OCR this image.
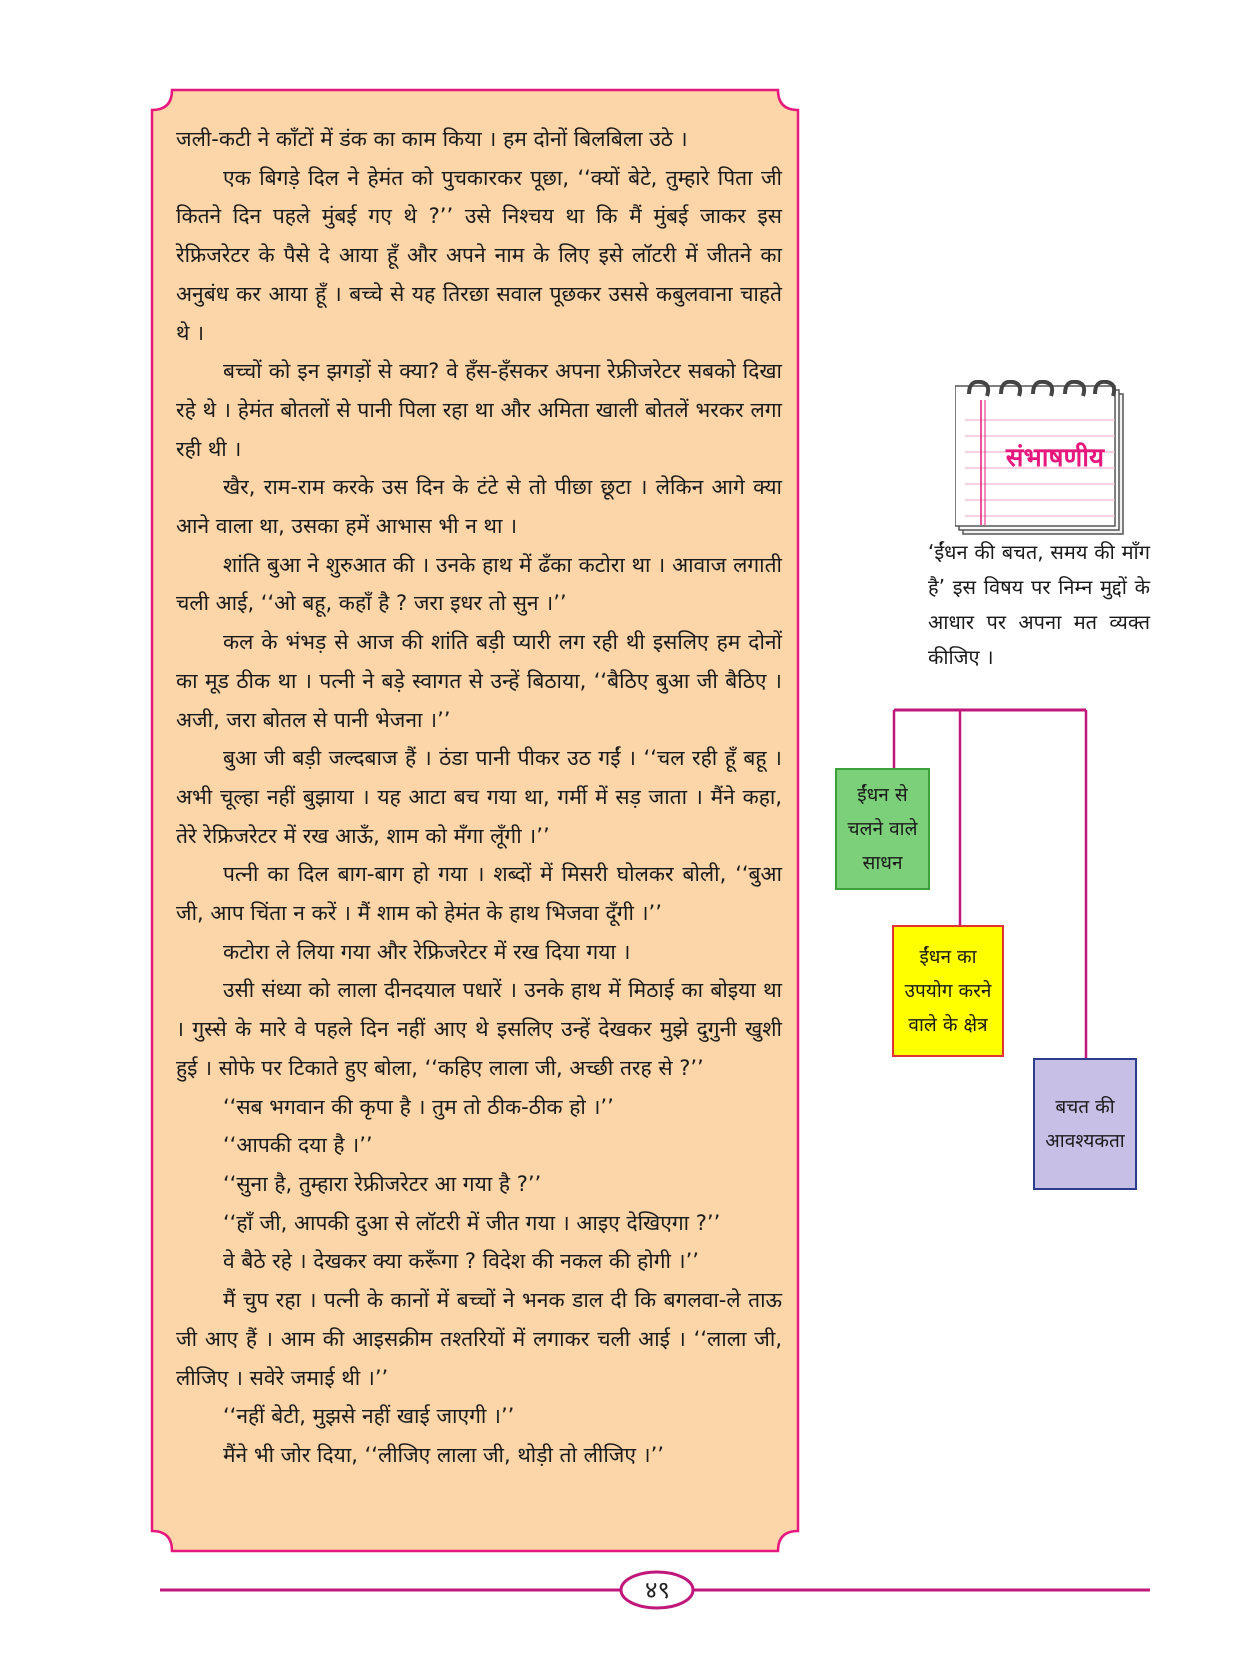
जली-कटी ने काँटों में डंक का काम किया । हम दोनों बिलबिला उठे ।

एक बिगड़े दिल ने हेमंत को पुचकारकर पूछा, ‘‘क्यों बेटे, तुम्हारे पिता जी कितने दिन पहले मुंबई गए थे ?’’ उसे निश्चय था कि मैं मुंबई जाकर इस रेफ्रिजरेटर के पैसे दे आया हूँ और अपने नाम के लिए इसे लॉटरी में जीतने का अनुबंध कर आया हूँ । बच्चे से यह तिरछा सवाल पूछकर उससे कबुलवाना चाहते थे ।

बच्चों को इन झगड़ों से क्या? वे हँस-हँसकर अपना रेफ्रीजरेटर सबको दिखा रहे थे । हेमंत बोतलों से पानी पिला रहा था और अमिता खाली बोतलें भरकर लगा रही थी ।

खैर, राम-राम करके उस दिन के टंटे से तो पीछा छूटा । लेकिन आगे क्या आने वाला था, उसका हमें आभास भी न था ।

शांति बुआ ने शुरुआत की । उनके हाथ में ढँका कटोरा था । आवाज लगाती चली आई, ‘‘ओ बहू, कहाँ है ? जरा इधर तो सुन ।’’

कल के भंभड़ से आज की शांति बड़ी प्यारी लग रही थी इसलिए हम दोनों का मूड ठीक था । पत्नी ने बड़े स्वागत से उन्हें बिठाया, ‘‘बैठिए बुआ जी बैठिए । अजी, जरा बोतल से पानी भेजना ।’’

बुआ जी बड़ी जल्दबाज हैं । ठंडा पानी पीकर उठ गईं । ‘‘चल रही हूँ बहू । अभी चूल्हा नहीं बुझाया । यह आटा बच गया था, गर्मी में सड़ जाता । मैंने कहा, तेरे रेफ्रिजरेटर में रख आऊँ, शाम को मँगा लूँगी ।’’

पत्नी का दिल बाग-बाग हो गया । शब्दों में मिसरी घोलकर बोली, ‘‘बुआ जी, आप चिंता न करें । मैं शाम को हेमंत के हाथ भिजवा दूँगी ।’’

कटोरा ले लिया गया और रेफ्रिजरेटर में रख दिया गया ।

उसी संध्या को लाला दीनदयाल पधारें । उनके हाथ में मिठाई का बोइया था । गुस्से के मारे वे पहले दिन नहीं आए थे इसलिए उन्हें देखकर मुझे दुगुनी खुशी हुई । सोफे पर टिकाते हुए बोला, ‘‘कहिए लाला जी, अच्छी तरह से ?’’

‘‘सब भगवान की कृपा है । तुम तो ठीक-ठीक हो ।’’

‘‘आपकी दया है ।’’

‘‘सुना है, तुम्हारा रेफ्रीजरेटर आ गया है ?’’

‘‘हाँ जी, आपकी दुआ से लॉटरी में जीत गया । आइए देखिएगा ?’’

वे बैठे रहे । देखकर क्या करूँगा ? विदेश की नकल की होगी ।’’

मैं चुप रहा । पत्नी के कानों में बच्चों ने भनक डाल दी कि बगलवा-ले ताऊ जी आए हैं । आम की आइसक्रीम तश्तरियों में लगाकर चली आई । ‘‘लाला जी, लीजिए । सवेरे जमाई थी ।’’

‘‘नहीं बेटी, मुझसे नहीं खाई जाएगी ।’’

मैंने भी जोर दिया, ‘‘लीजिए लाला जी, थोड़ी तो लीजिए ।’’

संभाषणीय
‘ईंधन की बचत, समय की माँग है’ इस विषय पर निम्न मुद्दों के आधार पर अपना मत व्यक्त कीजिए ।
ईंधन से चलने वाले साधन
ईंधन का उपयोग करने वाले के क्षेत्र
बचत की आवश्यकता
४९
